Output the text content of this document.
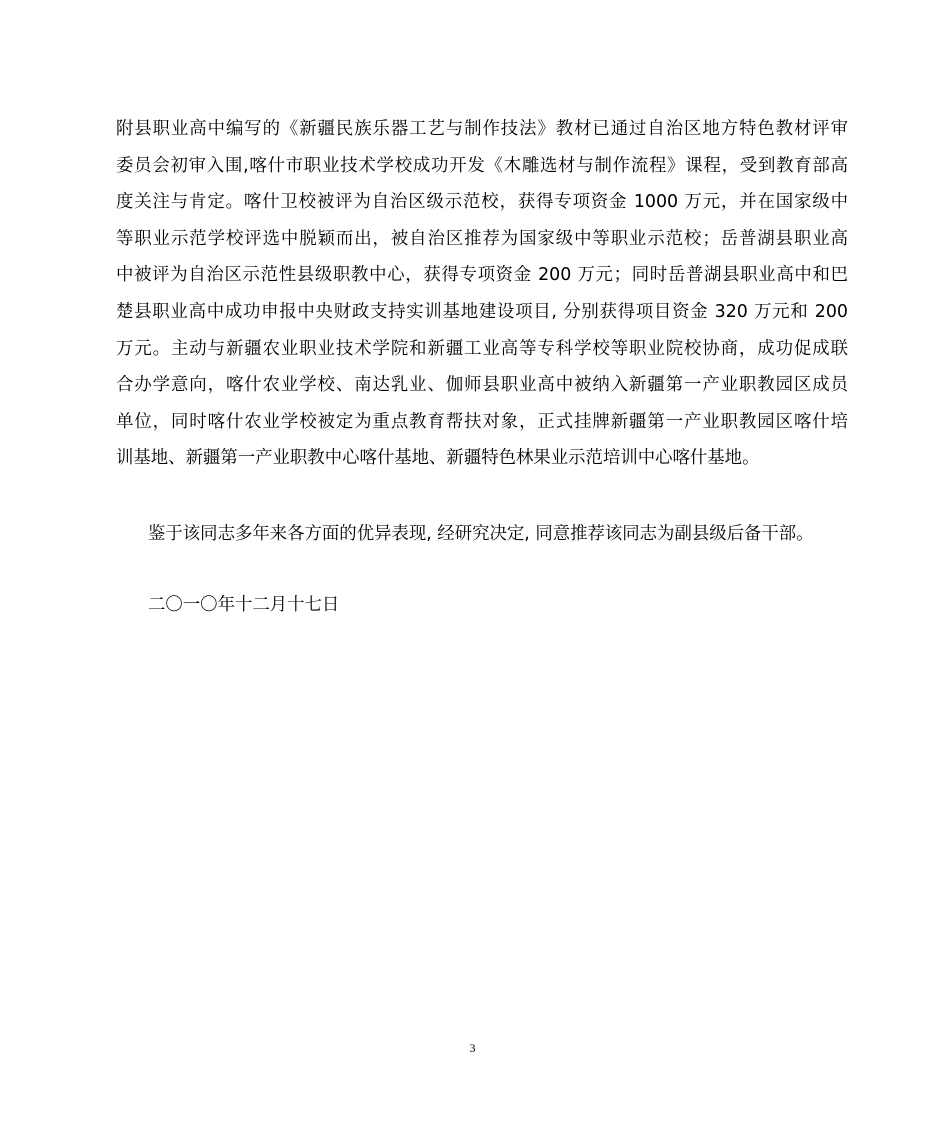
附县职业高中编写的《新疆民族乐器工艺与制作技法》教材已通过自治区地方特色教材评审
委员会初审入围,喀什市职业技术学校成功开发《木雕选材与制作流程》课程，受到教育部高
度关注与肯定。喀什卫校被评为自治区级示范校，获得专项资金 1000 万元，并在国家级中
等职业示范学校评选中脱颖而出，被自治区推荐为国家级中等职业示范校；岳普湖县职业高
中被评为自治区示范性县级职教中心，获得专项资金 200 万元；同时岳普湖县职业高中和巴
楚县职业高中成功申报中央财政支持实训基地建设项目, 分别获得项目资金 320 万元和 200
万元。主动与新疆农业职业技术学院和新疆工业高等专科学校等职业院校协商，成功促成联
合办学意向，喀什农业学校、南达乳业、伽师县职业高中被纳入新疆第一产业职教园区成员
单位，同时喀什农业学校被定为重点教育帮扶对象，正式挂牌新疆第一产业职教园区喀什培
训基地、新疆第一产业职教中心喀什基地、新疆特色林果业示范培训中心喀什基地。

鉴于该同志多年来各方面的优异表现, 经研究决定, 同意推荐该同志为副县级后备干部。

二〇一〇年十二月十七日

3
